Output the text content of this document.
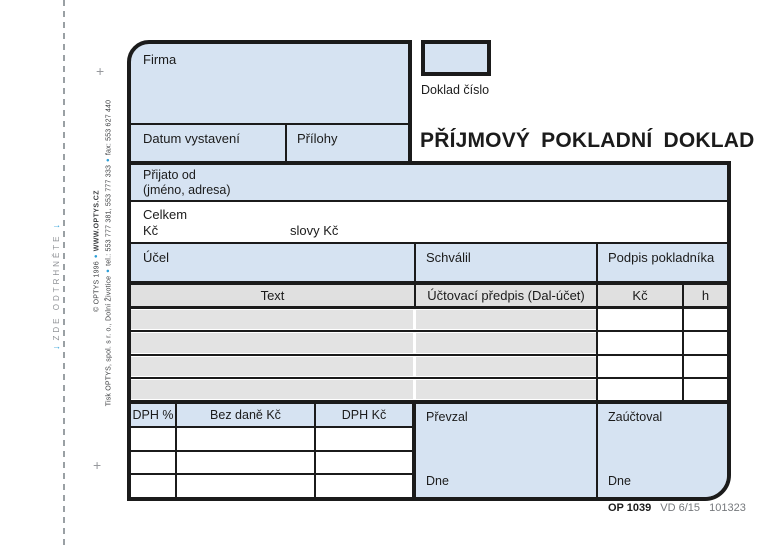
+
+
↓ZDE ODTRHNĚTE↓
Tisk OPTYS, spol. s r. o., Dolní Životice●tel.: 553 777 381, 553 777 333●fax: 553 627 440
© OPTYS 1996●WWW.OPTYS.CZ
Firma
Datum vystavení	Přílohy
Doklad číslo
PŘÍJMOVÝ POKLADNÍ DOKLAD
Přijato od
(jméno, adresa)
Celkem
Kč	slovy Kč
Účel	Schválil	Podpis pokladníka
Text	Účtovací předpis (Dal-účet)	Kč	h
DPH %	Bez daně Kč	DPH Kč	Převzal
Dne
Zaúčtoval
Dne
OP 1039 VD 6/15 101323
